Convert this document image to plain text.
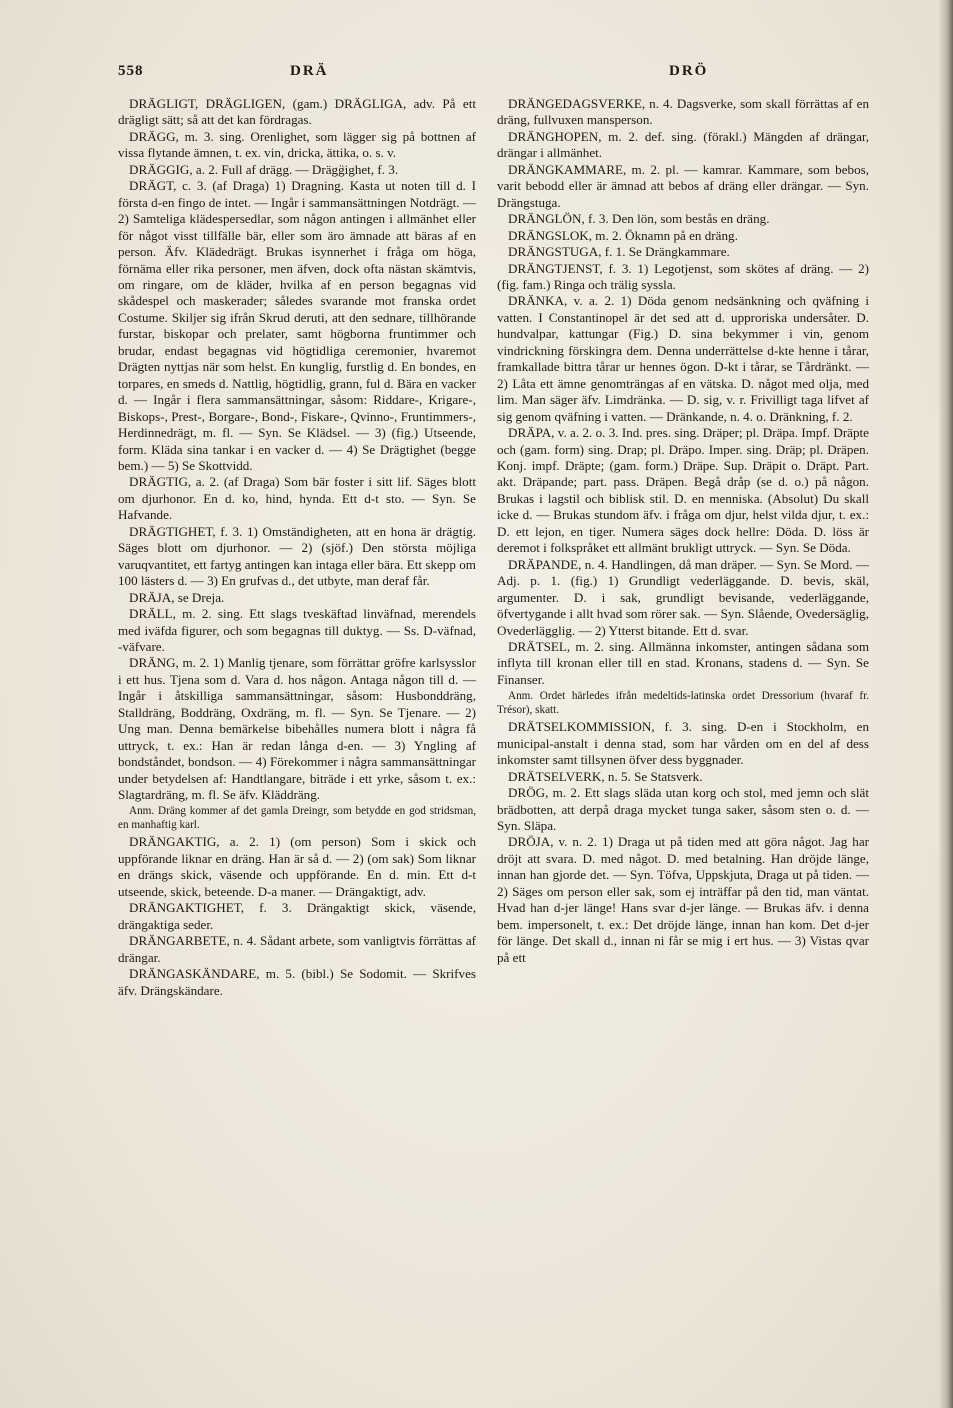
558	DRÄ	DRÖ

DRÄGLIGT, DRÄGLIGEN, (gam.) DRÄGLIGA, adv. På ett drägligt sätt; så att det kan fördragas.

DRÄGG, m. 3. sing. Orenlighet, som lägger sig på bottnen af vissa flytande ämnen, t. ex. vin, dricka, ättika, o. s. v.

DRÄGGIG, a. 2. Full af drägg. — Drägg̈ighet, f. 3.

DRÄGT, c. 3. (af Draga) 1) Dragning. Kasta ut noten till d. I första d-en fingo de intet. — Ingår i sammansättningen Notdrägt. — 2) Samteliga klädespersedlar, som någon antingen i allmänhet eller för något visst tillfälle bär, eller som äro ämnade att bäras af en person. Äfv. Klädedrägt. Brukas isynnerhet i fråga om höga, förnäma eller rika personer, men äfven, dock ofta nästan skämtvis, om ringare, om de kläder, hvilka af en person begagnas vid skådespel och maskerader; således svarande mot franska ordet Costume. Skiljer sig ifrån Skrud deruti, att den sednare, tillhörande furstar, biskopar och prelater, samt högborna fruntimmer och brudar, endast begagnas vid högtidliga ceremonier, hvaremot Drägten nyttjas när som helst. En kunglig, furstlig d. En bondes, en torpares, en smeds d. Nattlig, högtidlig, grann, ful d. Bära en vacker d. — Ingår i flera sammansättningar, såsom: Riddare-, Krigare-, Biskops-, Prest-, Borgare-, Bond-, Fiskare-, Qvinno-, Fruntimmers-, Herdinnedrägt, m. fl. — Syn. Se Klädsel. — 3) (fig.) Utseende, form. Kläda sina tankar i en vacker d. — 4) Se Drägtighet (begge bem.) — 5) Se Skottvidd.

DRÄGTIG, a. 2. (af Draga) Som bär foster i sitt lif. Säges blott om djurhonor. En d. ko, hind, hynda. Ett d-t sto. — Syn. Se Hafvande.

DRÄGTIGHET, f. 3. 1) Omständigheten, att en hona är drägtig. Säges blott om djurhonor. — 2) (sjöf.) Den största möjliga varuqvantitet, ett fartyg antingen kan intaga eller bära. Ett skepp om 100 lästers d. — 3) En grufvas d., det utbyte, man deraf får.

DRÄJA, se Dreja.

DRÄLL, m. 2. sing. Ett slags tveskäftad linväfnad, merendels med iväfda figurer, och som begagnas till duktyg. — Ss. D-väfnad, -väfvare.

DRÄNG, m. 2. 1) Manlig tjenare, som förrättar gröfre karlsysslor i ett hus. Tjena som d. Vara d. hos någon. Antaga någon till d. — Ingår i åtskilliga sammansättningar, såsom: Husbonddräng, Stalldräng, Boddräng, Oxdräng, m. fl. — Syn. Se Tjenare. — 2) Ung man. Denna bemärkelse bibehålles numera blott i några få uttryck, t. ex.: Han är redan långa d-en. — 3) Yngling af bondståndet, bondson. — 4) Förekommer i några sammansättningar under betydelsen af: Handtlangare, biträde i ett yrke, såsom t. ex.: Slagtardräng, m. fl. Se äfv. Kläddräng.

Anm. Dräng kommer af det gamla Dreingr, som betydde en god stridsman, en manhaftig karl.

DRÄNGAKTIG, a. 2. 1) (om person) Som i skick och uppförande liknar en dräng. Han är så d. — 2) (om sak) Som liknar en drängs skick, väsende och uppförande. En d. min. Ett d-t utseende, skick, beteende. D-a maner. — Drängaktigt, adv.

DRÄNGAKTIGHET, f. 3. Drängaktigt skick, väsende, drängaktiga seder.

DRÄNGARBETE, n. 4. Sådant arbete, som vanligtvis förrättas af drängar.

DRÄNGASKÄNDARE, m. 5. (bibl.) Se Sodomit. — Skrifves äfv. Drängskändare.

DRÄNGEDAGSVERKE, n. 4. Dagsverke, som skall förrättas af en dräng, fullvuxen mansperson.

DRÄNGHOPEN, m. 2. def. sing. (förakl.) Mängden af drängar, drängar i allmänhet.

DRÄNGKAMMARE, m. 2. pl. — kamrar. Kammare, som bebos, varit bebodd eller är ämnad att bebos af dräng eller drängar. — Syn. Drängstuga.

DRÄNGLÖN, f. 3. Den lön, som bestås en dräng.

DRÄNGSLOK, m. 2. Öknamn på en dräng.

DRÄNGSTUGA, f. 1. Se Drängkammare.

DRÄNGTJENST, f. 3. 1) Legotjenst, som skötes af dräng. — 2) (fig. fam.) Ringa och trälig syssla.

DRÄNKA, v. a. 2. 1) Döda genom nedsänkning och qväfning i vatten. I Constantinopel är det sed att d. upproriska undersåter. D. hundvalpar, kattungar (Fig.) D. sina bekymmer i vin, genom vindrickning förskingra dem. Denna underrättelse d-kte henne i tårar, framkallade bittra tårar ur hennes ögon. D-kt i tårar, se Tårdränkt. — 2) Låta ett ämne genomträngas af en vätska. D. något med olja, med lim. Man säger äfv. Limdränka. — D. sig, v. r. Frivilligt taga lifvet af sig genom qväfning i vatten. — Dränkande, n. 4. o. Dränkning, f. 2.

DRÄPA, v. a. 2. o. 3. Ind. pres. sing. Dräper; pl. Dräpa. Impf. Dräpte och (gam. form) sing. Drap; pl. Dräpo. Imper. sing. Dräp; pl. Dräpen. Konj. impf. Dräpte; (gam. form.) Dräpe. Sup. Dräpit o. Dräpt. Part. akt. Dräpande; part. pass. Dräpen. Begå dråp (se d. o.) på någon. Brukas i lagstil och biblisk stil. D. en menniska. (Absolut) Du skall icke d. — Brukas stundom äfv. i fråga om djur, helst vilda djur, t. ex.: D. ett lejon, en tiger. Numera säges dock hellre: Döda. D. löss är deremot i folkspråket ett allmänt brukligt uttryck. — Syn. Se Döda.

DRÄPANDE, n. 4. Handlingen, då man dräper. — Syn. Se Mord. — Adj. p. 1. (fig.) 1) Grundligt vederläggande. D. bevis, skäl, argumenter. D. i sak, grundligt bevisande, vederläggande, öfvertygande i allt hvad som rörer sak. — Syn. Slående, Ovedersäglig, Ovederlägglig. — 2) Ytterst bitande. Ett d. svar.

DRÄTSEL, m. 2. sing. Allmänna inkomster, antingen sådana som inflyta till kronan eller till en stad. Kronans, stadens d. — Syn. Se Finanser.

Anm. Ordet härledes ifrån medeltids-latinska ordet Dressorium (hvaraf fr. Trésor), skatt.

DRÄTSELKOMMISSION, f. 3. sing. D-en i Stockholm, en municipal-anstalt i denna stad, som har vården om en del af dess inkomster samt tillsynen öfver dess byggnader.

DRÄTSELVERK, n. 5. Se Statsverk.

DRÖG, m. 2. Ett slags släda utan korg och stol, med jemn och slät brädbotten, att derpå draga mycket tunga saker, såsom sten o. d. — Syn. Släpa.

DRÖJA, v. n. 2. 1) Draga ut på tiden med att göra något. Jag har dröjt att svara. D. med något. D. med betalning. Han dröjde länge, innan han gjorde det. — Syn. Töfva, Uppskjuta, Draga ut på tiden. — 2) Säges om person eller sak, som ej inträffar på den tid, man väntat. Hvad han d-jer länge! Hans svar d-jer länge. — Brukas äfv. i denna bem. impersonelt, t. ex.: Det dröjde länge, innan han kom. Det d-jer för länge. Det skall d., innan ni får se mig i ert hus. — 3) Vistas qvar på ett
